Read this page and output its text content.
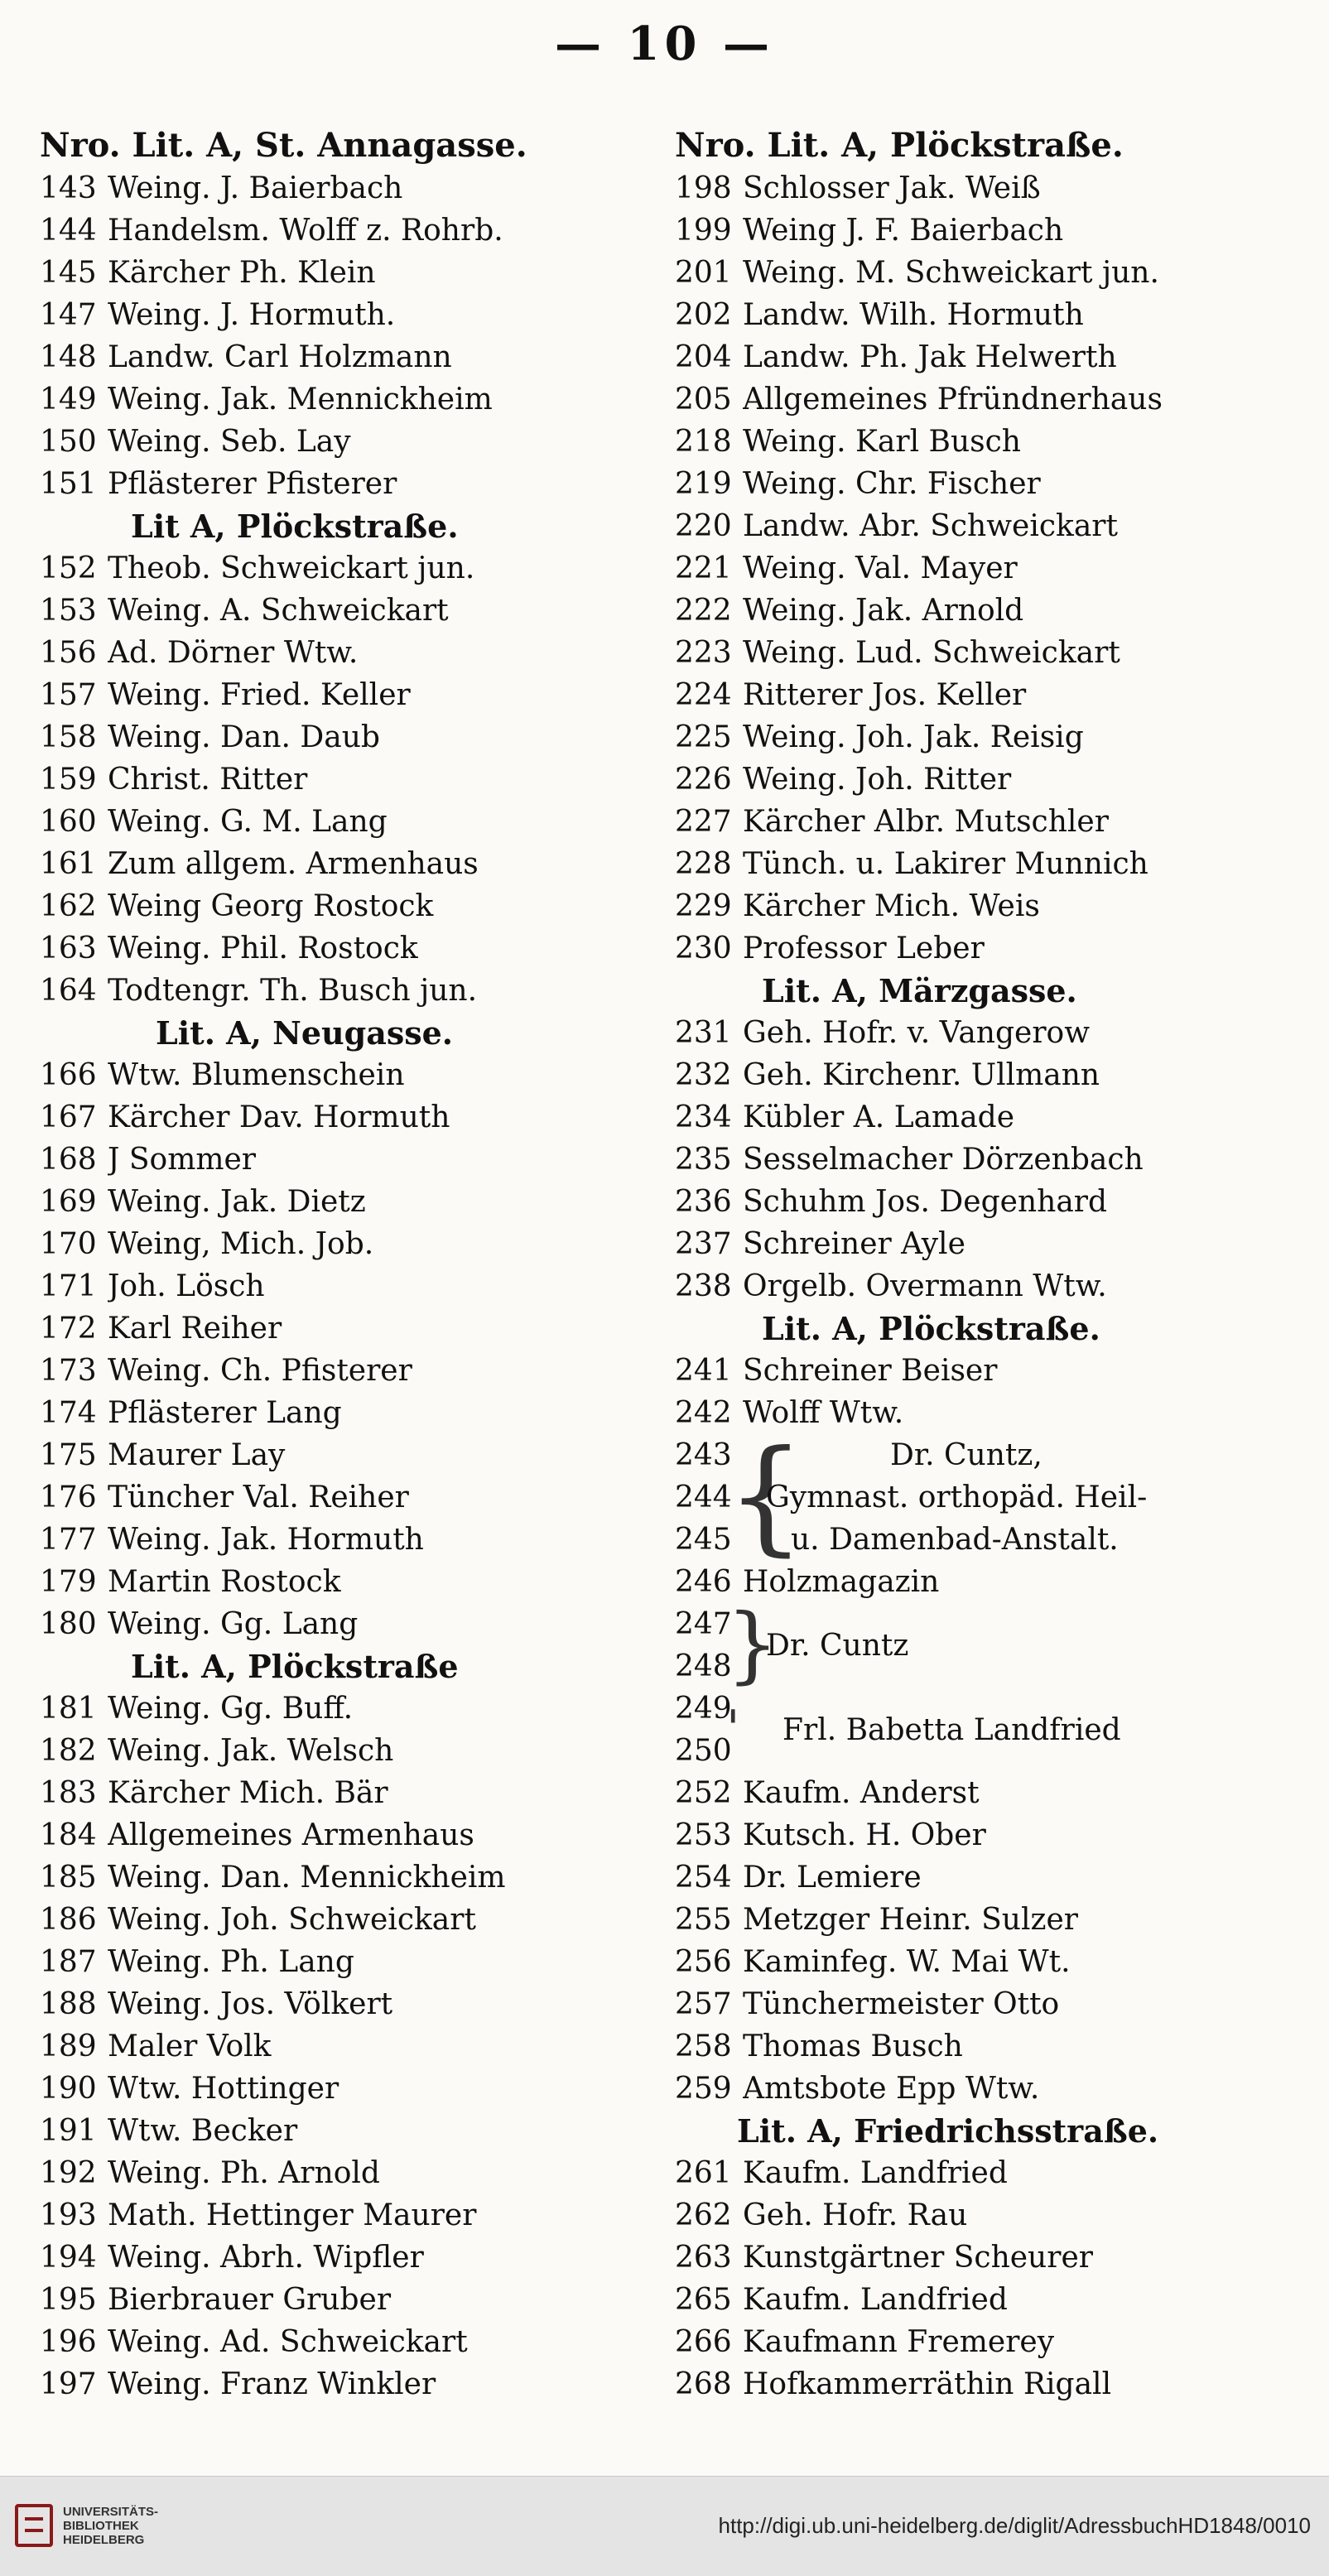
— 10 —
Nro. Lit. A, St. Annagasse.
143 Weing. J. Baierbach
144 Handelsm. Wolff z. Rohrb.
145 Kärcher Ph. Klein
147 Weing. J. Hormuth.
148 Landw. Carl Holzmann
149 Weing. Jak. Mennickheim
150 Weing. Seb. Lay
151 Pflästerer Pfisterer
Lit A, Plöckstraße.
152 Theob. Schweickart jun.
153 Weing. A. Schweickart
156 Ad. Dörner Wtw.
157 Weing. Fried. Keller
158 Weing. Dan. Daub
159 Christ. Ritter
160 Weing. G. M. Lang
161 Zum allgem. Armenhaus
162 Weing Georg Rostock
163 Weing. Phil. Rostock
164 Todtengr. Th. Busch jun.
Lit. A, Neugasse.
166 Wtw. Blumenschein
167 Kärcher Dav. Hormuth
168 J Sommer
169 Weing. Jak. Dietz
170 Weing, Mich. Job.
171 Joh. Lösch
172 Karl Reiher
173 Weing. Ch. Pfisterer
174 Pflästerer Lang
175 Maurer Lay
176 Tüncher Val. Reiher
177 Weing. Jak. Hormuth
179 Martin Rostock
180 Weing. Gg. Lang
Lit. A, Plöckstraße
181 Weing. Gg. Buff.
182 Weing. Jak. Welsch
183 Kärcher Mich. Bär
184 Allgemeines Armenhaus
185 Weing. Dan. Mennickheim
186 Weing. Joh. Schweickart
187 Weing. Ph. Lang
188 Weing. Jos. Völkert
189 Maler Volk
190 Wtw. Hottinger
191 Wtw. Becker
192 Weing. Ph. Arnold
193 Math. Hettinger Maurer
194 Weing. Abrh. Wipfler
195 Bierbrauer Gruber
196 Weing. Ad. Schweickart
197 Weing. Franz Winkler
Nro. Lit. A, Plöckstraße.
198 Schlosser Jak. Weiß
199 Weing J. F. Baierbach
201 Weing. M. Schweickart jun.
202 Landw. Wilh. Hormuth
204 Landw. Ph. Jak Helwerth
205 Allgemeines Pfründnerhaus
218 Weing. Karl Busch
219 Weing. Chr. Fischer
220 Landw. Abr. Schweickart
221 Weing. Val. Mayer
222 Weing. Jak. Arnold
223 Weing. Lud. Schweickart
224 Ritterer Jos. Keller
225 Weing. Joh. Jak. Reisig
226 Weing. Joh. Ritter
227 Kärcher Albr. Mutschler
228 Tünch. u. Lakirer Munnich
229 Kärcher Mich. Weis
230 Professor Leber
Lit. A, Märzgasse.
231 Geh. Hofr. v. Vangerow
232 Geh. Kirchenr. Ullmann
234 Kübler A. Lamade
235 Sesselmacher Dörzenbach
236 Schuhm Jos. Degenhard
237 Schreiner Ayle
238 Orgelb. Overmann Wtw.
Lit. A, Plöckstraße.
241 Schreiner Beiser
242 Wolff Wtw.
243
244
245
{	Dr. Cuntz,
Gymnast. orthopäd. Heil-
u. Damenbad-Anstalt.
246 Holzmagazin
247
248
}
Dr. Cuntz
249
250
' Frl. Babetta Landfried
252 Kaufm. Anderst
253 Kutsch. H. Ober
254 Dr. Lemiere
255 Metzger Heinr. Sulzer
256 Kaminfeg. W. Mai Wt.
257 Tünchermeister Otto
258 Thomas Busch
259 Amtsbote Epp Wtw.
Lit. A, Friedrichsstraße.
261 Kaufm. Landfried
262 Geh. Hofr. Rau
263 Kunstgärtner Scheurer
265 Kaufm. Landfried
266 Kaufmann Fremerey
268 Hofkammerräthin Rigall
UNIVERSITÄTS-
BIBLIOTHEK
HEIDELBERG
http://digi.ub.uni-heidelberg.de/diglit/AdressbuchHD1848/0010
